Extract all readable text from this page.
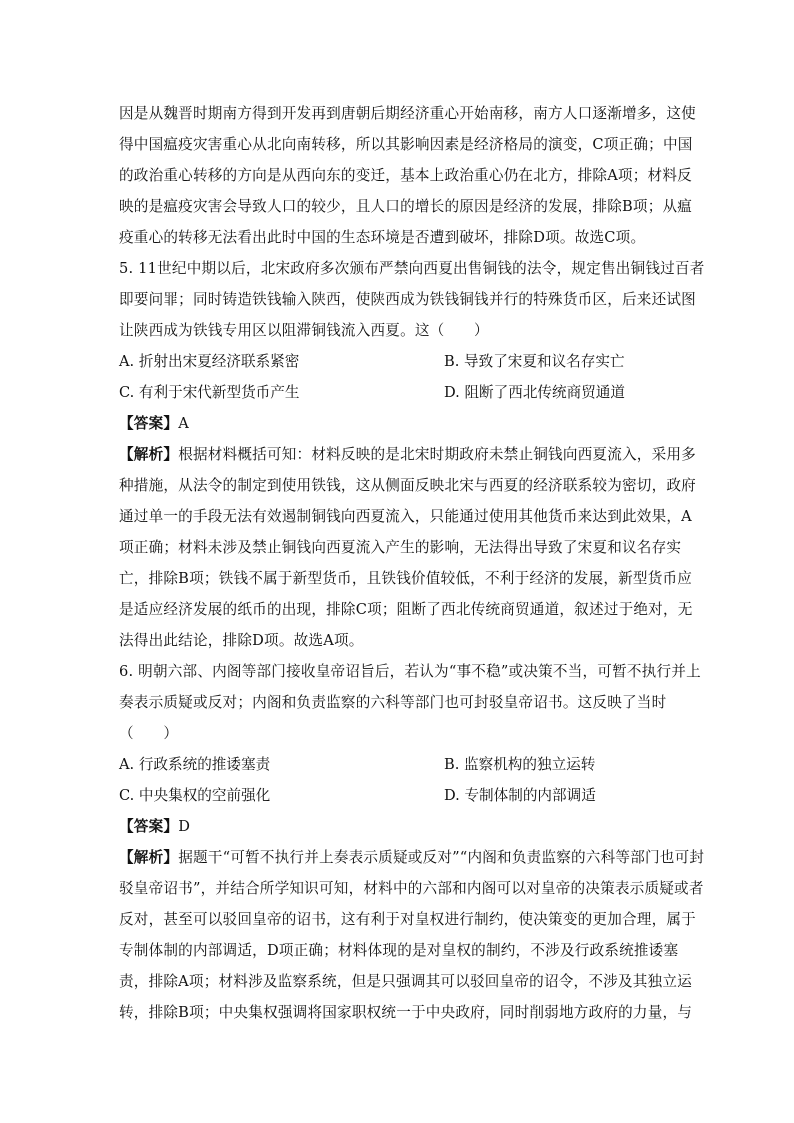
因是从魏晋时期南方得到开发再到唐朝后期经济重心开始南移，南方人口逐渐增多，这使
得中国瘟疫灾害重心从北向南转移，所以其影响因素是经济格局的演变，C项正确；中国
的政治重心转移的方向是从西向东的变迁，基本上政治重心仍在北方，排除A项；材料反
映的是瘟疫灾害会导致人口的较少，且人口的增长的原因是经济的发展，排除B项；从瘟
疫重心的转移无法看出此时中国的生态环境是否遭到破坏，排除D项。故选C项。
5. 11世纪中期以后，北宋政府多次颁布严禁向西夏出售铜钱的法令，规定售出铜钱过百者
即要问罪；同时铸造铁钱输入陕西，使陕西成为铁钱铜钱并行的特殊货币区，后来还试图
让陕西成为铁钱专用区以阻滞铜钱流入西夏。这（　　）
A. 折射出宋夏经济联系紧密	B. 导致了宋夏和议名存实亡
C. 有利于宋代新型货币产生	D. 阻断了西北传统商贸通道
【答案】A
【解析】根据材料概括可知：材料反映的是北宋时期政府未禁止铜钱向西夏流入，采用多
种措施，从法令的制定到使用铁钱，这从侧面反映北宋与西夏的经济联系较为密切，政府
通过单一的手段无法有效遏制铜钱向西夏流入，只能通过使用其他货币来达到此效果，A
项正确；材料未涉及禁止铜钱向西夏流入产生的影响，无法得出导致了宋夏和议名存实
亡，排除B项；铁钱不属于新型货币，且铁钱价值较低，不利于经济的发展，新型货币应
是适应经济发展的纸币的出现，排除C项；阻断了西北传统商贸通道，叙述过于绝对，无
法得出此结论，排除D项。故选A项。
6. 明朝六部、内阁等部门接收皇帝诏旨后，若认为“事不稳”或决策不当，可暂不执行并上
奏表示质疑或反对；内阁和负责监察的六科等部门也可封驳皇帝诏书。这反映了当时
（　　）
A. 行政系统的推诿塞责	B. 监察机构的独立运转
C. 中央集权的空前强化	D. 专制体制的内部调适
【答案】D
【解析】据题干“可暂不执行并上奏表示质疑或反对”“内阁和负责监察的六科等部门也可封
驳皇帝诏书”，并结合所学知识可知，材料中的六部和内阁可以对皇帝的决策表示质疑或者
反对，甚至可以驳回皇帝的诏书，这有利于对皇权进行制约，使决策变的更加合理，属于
专制体制的内部调适，D项正确；材料体现的是对皇权的制约，不涉及行政系统推诿塞
责，排除A项；材料涉及监察系统，但是只强调其可以驳回皇帝的诏令，不涉及其独立运
转，排除B项；中央集权强调将国家职权统一于中央政府，同时削弱地方政府的力量，与
